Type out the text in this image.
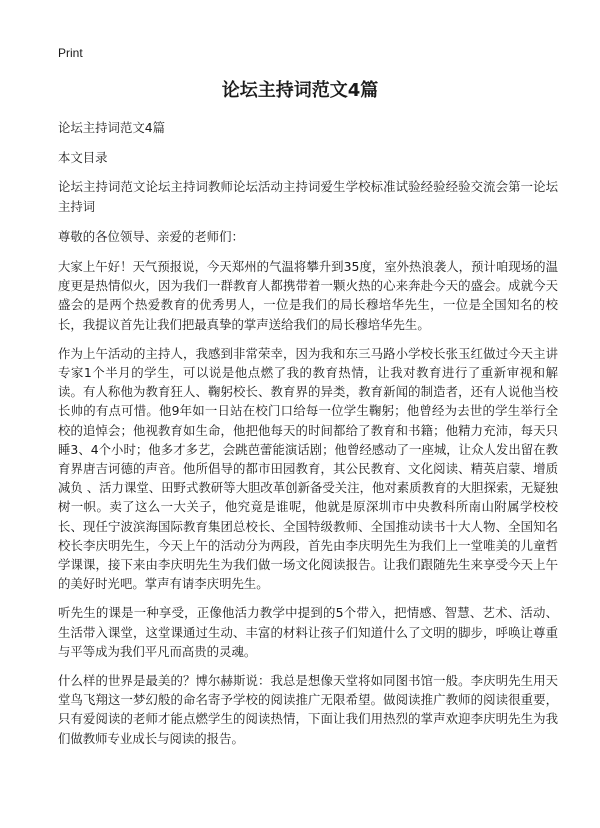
Print
论坛主持词范文4篇

论坛主持词范文4篇

本文目录

论坛主持词范文论坛主持词教师论坛活动主持词爱生学校标准试验经验经验交流会第一论坛主持词

尊敬的各位领导、亲爱的老师们：

大家上午好！天气预报说，今天郑州的气温将攀升到35度，室外热浪袭人，预计咱现场的温度更是热情似火，因为我们一群教育人都携带着一颗火热的心来奔赴今天的盛会。成就今天盛会的是两个热爱教育的优秀男人，一位是我们的局长穆培华先生，一位是全国知名的校长，我提议首先让我们把最真挚的掌声送给我们的局长穆培华先生。

作为上午活动的主持人，我感到非常荣幸，因为我和东三马路小学校长张玉红做过今天主讲专家1个半月的学生，可以说是他点燃了我的教育热情，让我对教育进行了重新审视和解读。有人称他为教育狂人、鞠躬校长、教育界的异类，教育新闻的制造者，还有人说他当校长帅的有点可惜。他9年如一日站在校门口给每一位学生鞠躬；他曾经为去世的学生举行全校的追悼会；他视教育如生命，他把他每天的时间都给了教育和书籍；他精力充沛，每天只睡3、4个小时；他多才多艺，会跳芭蕾能演话剧；他曾经感动了一座城，让众人发出留在教育界唐吉诃德的声音。他所倡导的都市田园教育，其公民教育、文化阅读、精英启蒙、增质减负 、活力课堂、田野式教研等大胆改革创新备受关注，他对素质教育的大胆探索，无疑独树一帜。卖了这么一大关子，他究竟是谁呢，他就是原深圳市中央教科所南山附属学校校长、现任宁波滨海国际教育集团总校长、全国特级教师、全国推动读书十大人物、全国知名校长李庆明先生，今天上午的活动分为两段，首先由李庆明先生为我们上一堂唯美的儿童哲学课课，接下来由李庆明先生为我们做一场文化阅读报告。让我们跟随先生来享受今天上午的美好时光吧。掌声有请李庆明先生。

听先生的课是一种享受，正像他活力教学中提到的5个带入，把情感、智慧、艺术、活动、生活带入课堂，这堂课通过生动、丰富的材料让孩子们知道什么了文明的脚步，呼唤让尊重与平等成为我们平凡而高贵的灵魂。

什么样的世界是最美的？博尔赫斯说：我总是想像天堂将如同图书馆一般。李庆明先生用天堂鸟飞翔这一梦幻般的命名寄予学校的阅读推广无限希望。做阅读推广教师的阅读很重要，只有爱阅读的老师才能点燃学生的阅读热情，下面让我们用热烈的掌声欢迎李庆明先生为我们做教师专业成长与阅读的报告。
